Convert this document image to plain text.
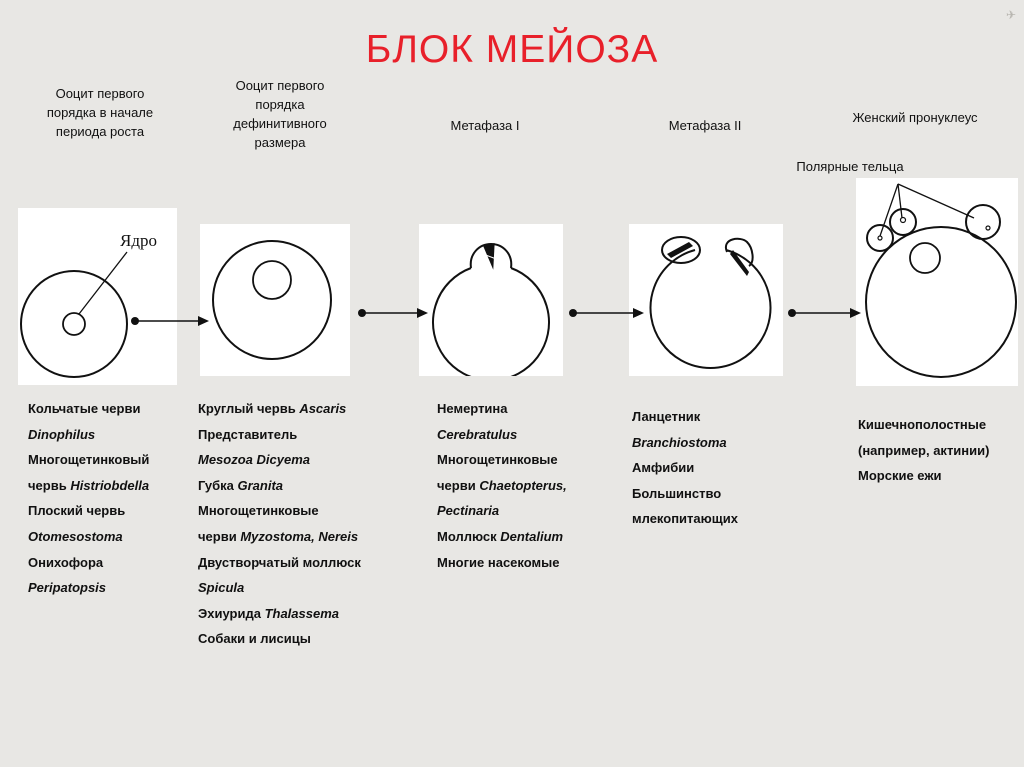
БЛОК МЕЙОЗА
✈
Ооцит первого
порядка в начале
периода роста
Ооцит первого
порядка
дефинитивного
размера
Метафаза I	Метафаза II
Женский пронуклеус
Полярные тельца
Ядро
Кольчатые черви
Dinophilus
Многощетинковый
червь Histriobdella
Плоский червь
Otomesostoma
Онихофора
Peripatopsis
Круглый червь Ascaris
Представитель
Mesozoa Dicyema
Губка Granita
Многощетинковые
черви Myzostoma, Nereis
Двустворчатый моллюск
Spicula
Эхиурида Thalassema
Собаки и лисицы
Немертина
Cerebratulus
Многощетинковые
черви Chaetopterus,
Pectinaria
Моллюск Dentalium
Многие насекомые
Ланцетник
Branchiostoma
Амфибии
Большинство
млекопитающих
Кишечнополостные
(например, актинии)
Морские ежи
